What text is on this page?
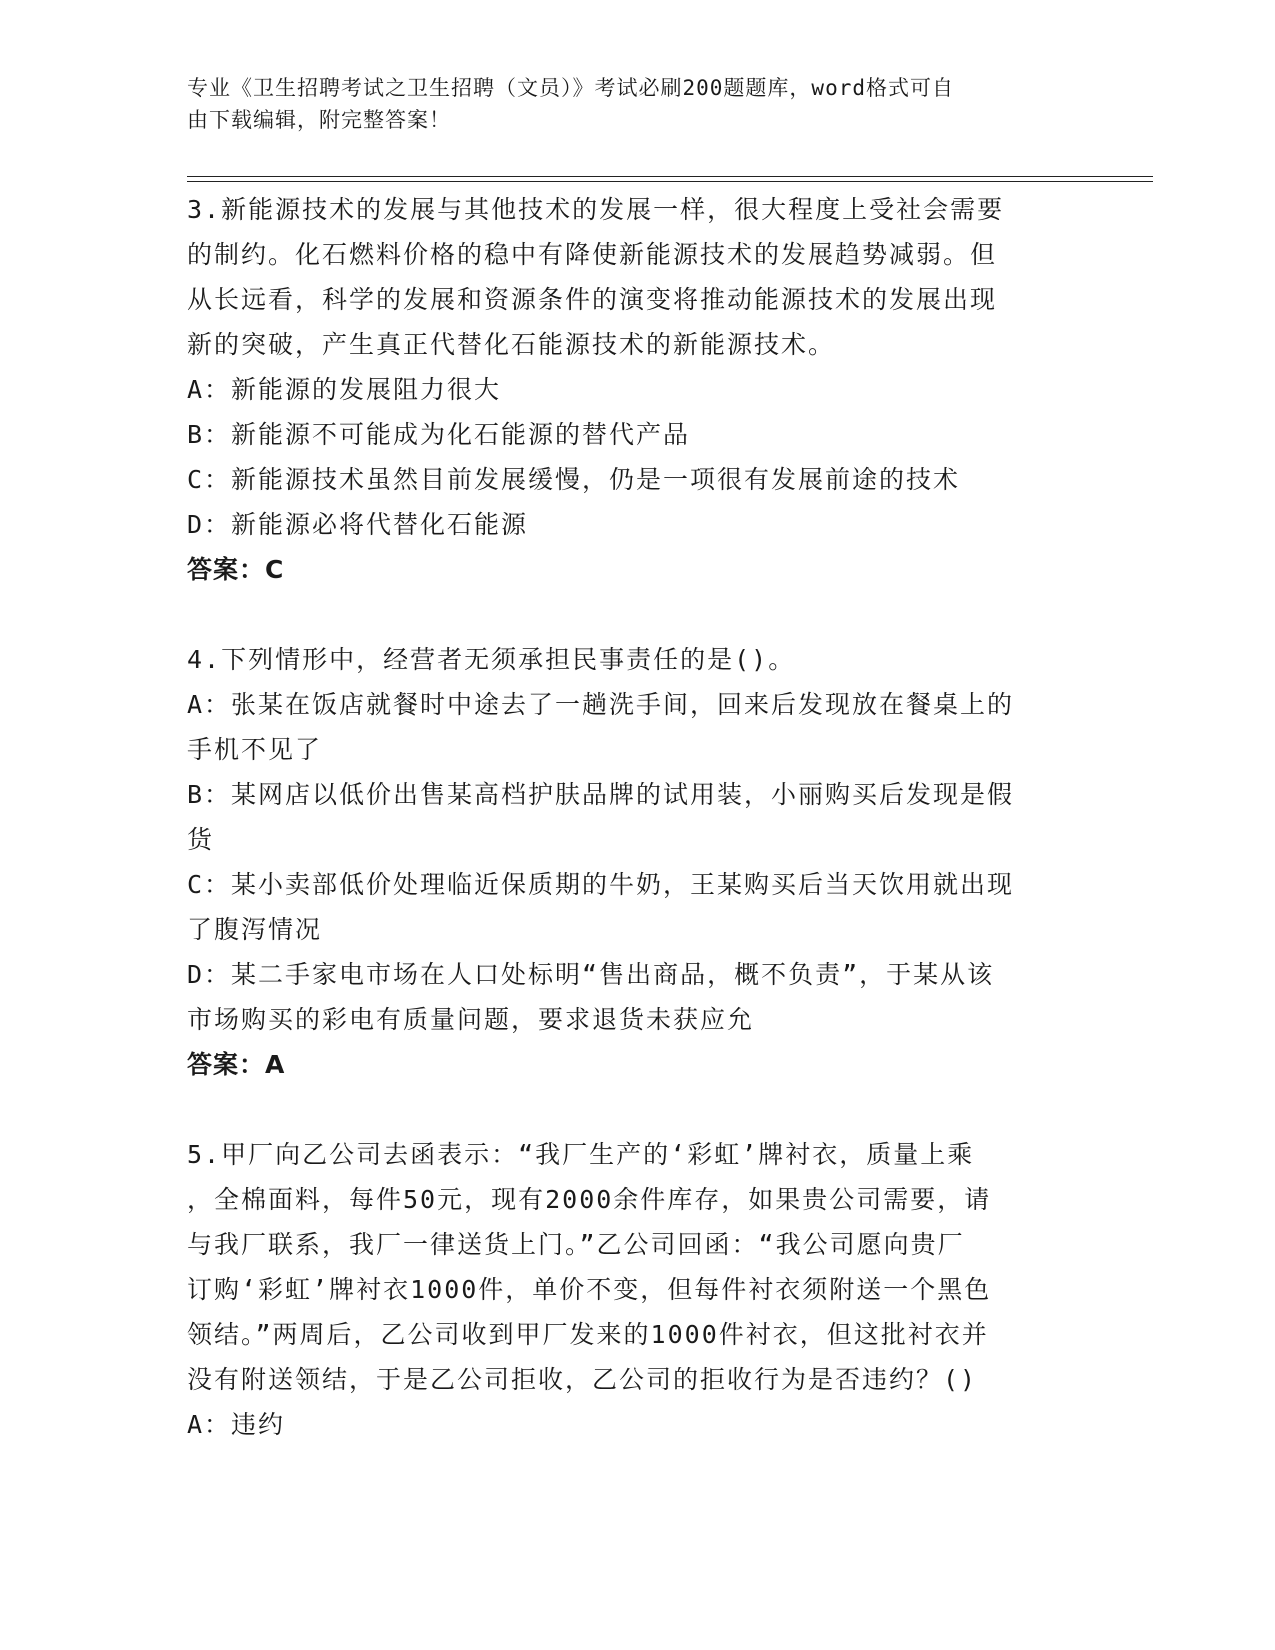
专业《卫生招聘考试之卫生招聘（文员）》考试必刷200题题库，word格式可自
由下载编辑，附完整答案！

3.新能源技术的发展与其他技术的发展一样，很大程度上受社会需要

的制约。化石燃料价格的稳中有降使新能源技术的发展趋势减弱。但

从长远看，科学的发展和资源条件的演变将推动能源技术的发展出现

新的突破，产生真正代替化石能源技术的新能源技术。

A：新能源的发展阻力很大

B：新能源不可能成为化石能源的替代产品

C：新能源技术虽然目前发展缓慢，仍是一项很有发展前途的技术

D：新能源必将代替化石能源

答案：C

4.下列情形中，经营者无须承担民事责任的是()。

A：张某在饭店就餐时中途去了一趟洗手间，回来后发现放在餐桌上的

手机不见了

B：某网店以低价出售某高档护肤品牌的试用装，小丽购买后发现是假

货

C：某小卖部低价处理临近保质期的牛奶，王某购买后当天饮用就出现

了腹泻情况

D：某二手家电市场在人口处标明“售出商品，概不负责”，于某从该

市场购买的彩电有质量问题，要求退货未获应允

答案：A

5.甲厂向乙公司去函表示：“我厂生产的‘彩虹’牌衬衣，质量上乘

，全棉面料，每件50元，现有2000余件库存，如果贵公司需要，请

与我厂联系，我厂一律送货上门。”乙公司回函：“我公司愿向贵厂

订购‘彩虹’牌衬衣1000件，单价不变，但每件衬衣须附送一个黑色

领结。”两周后，乙公司收到甲厂发来的1000件衬衣，但这批衬衣并

没有附送领结，于是乙公司拒收，乙公司的拒收行为是否违约？()

A：违约
